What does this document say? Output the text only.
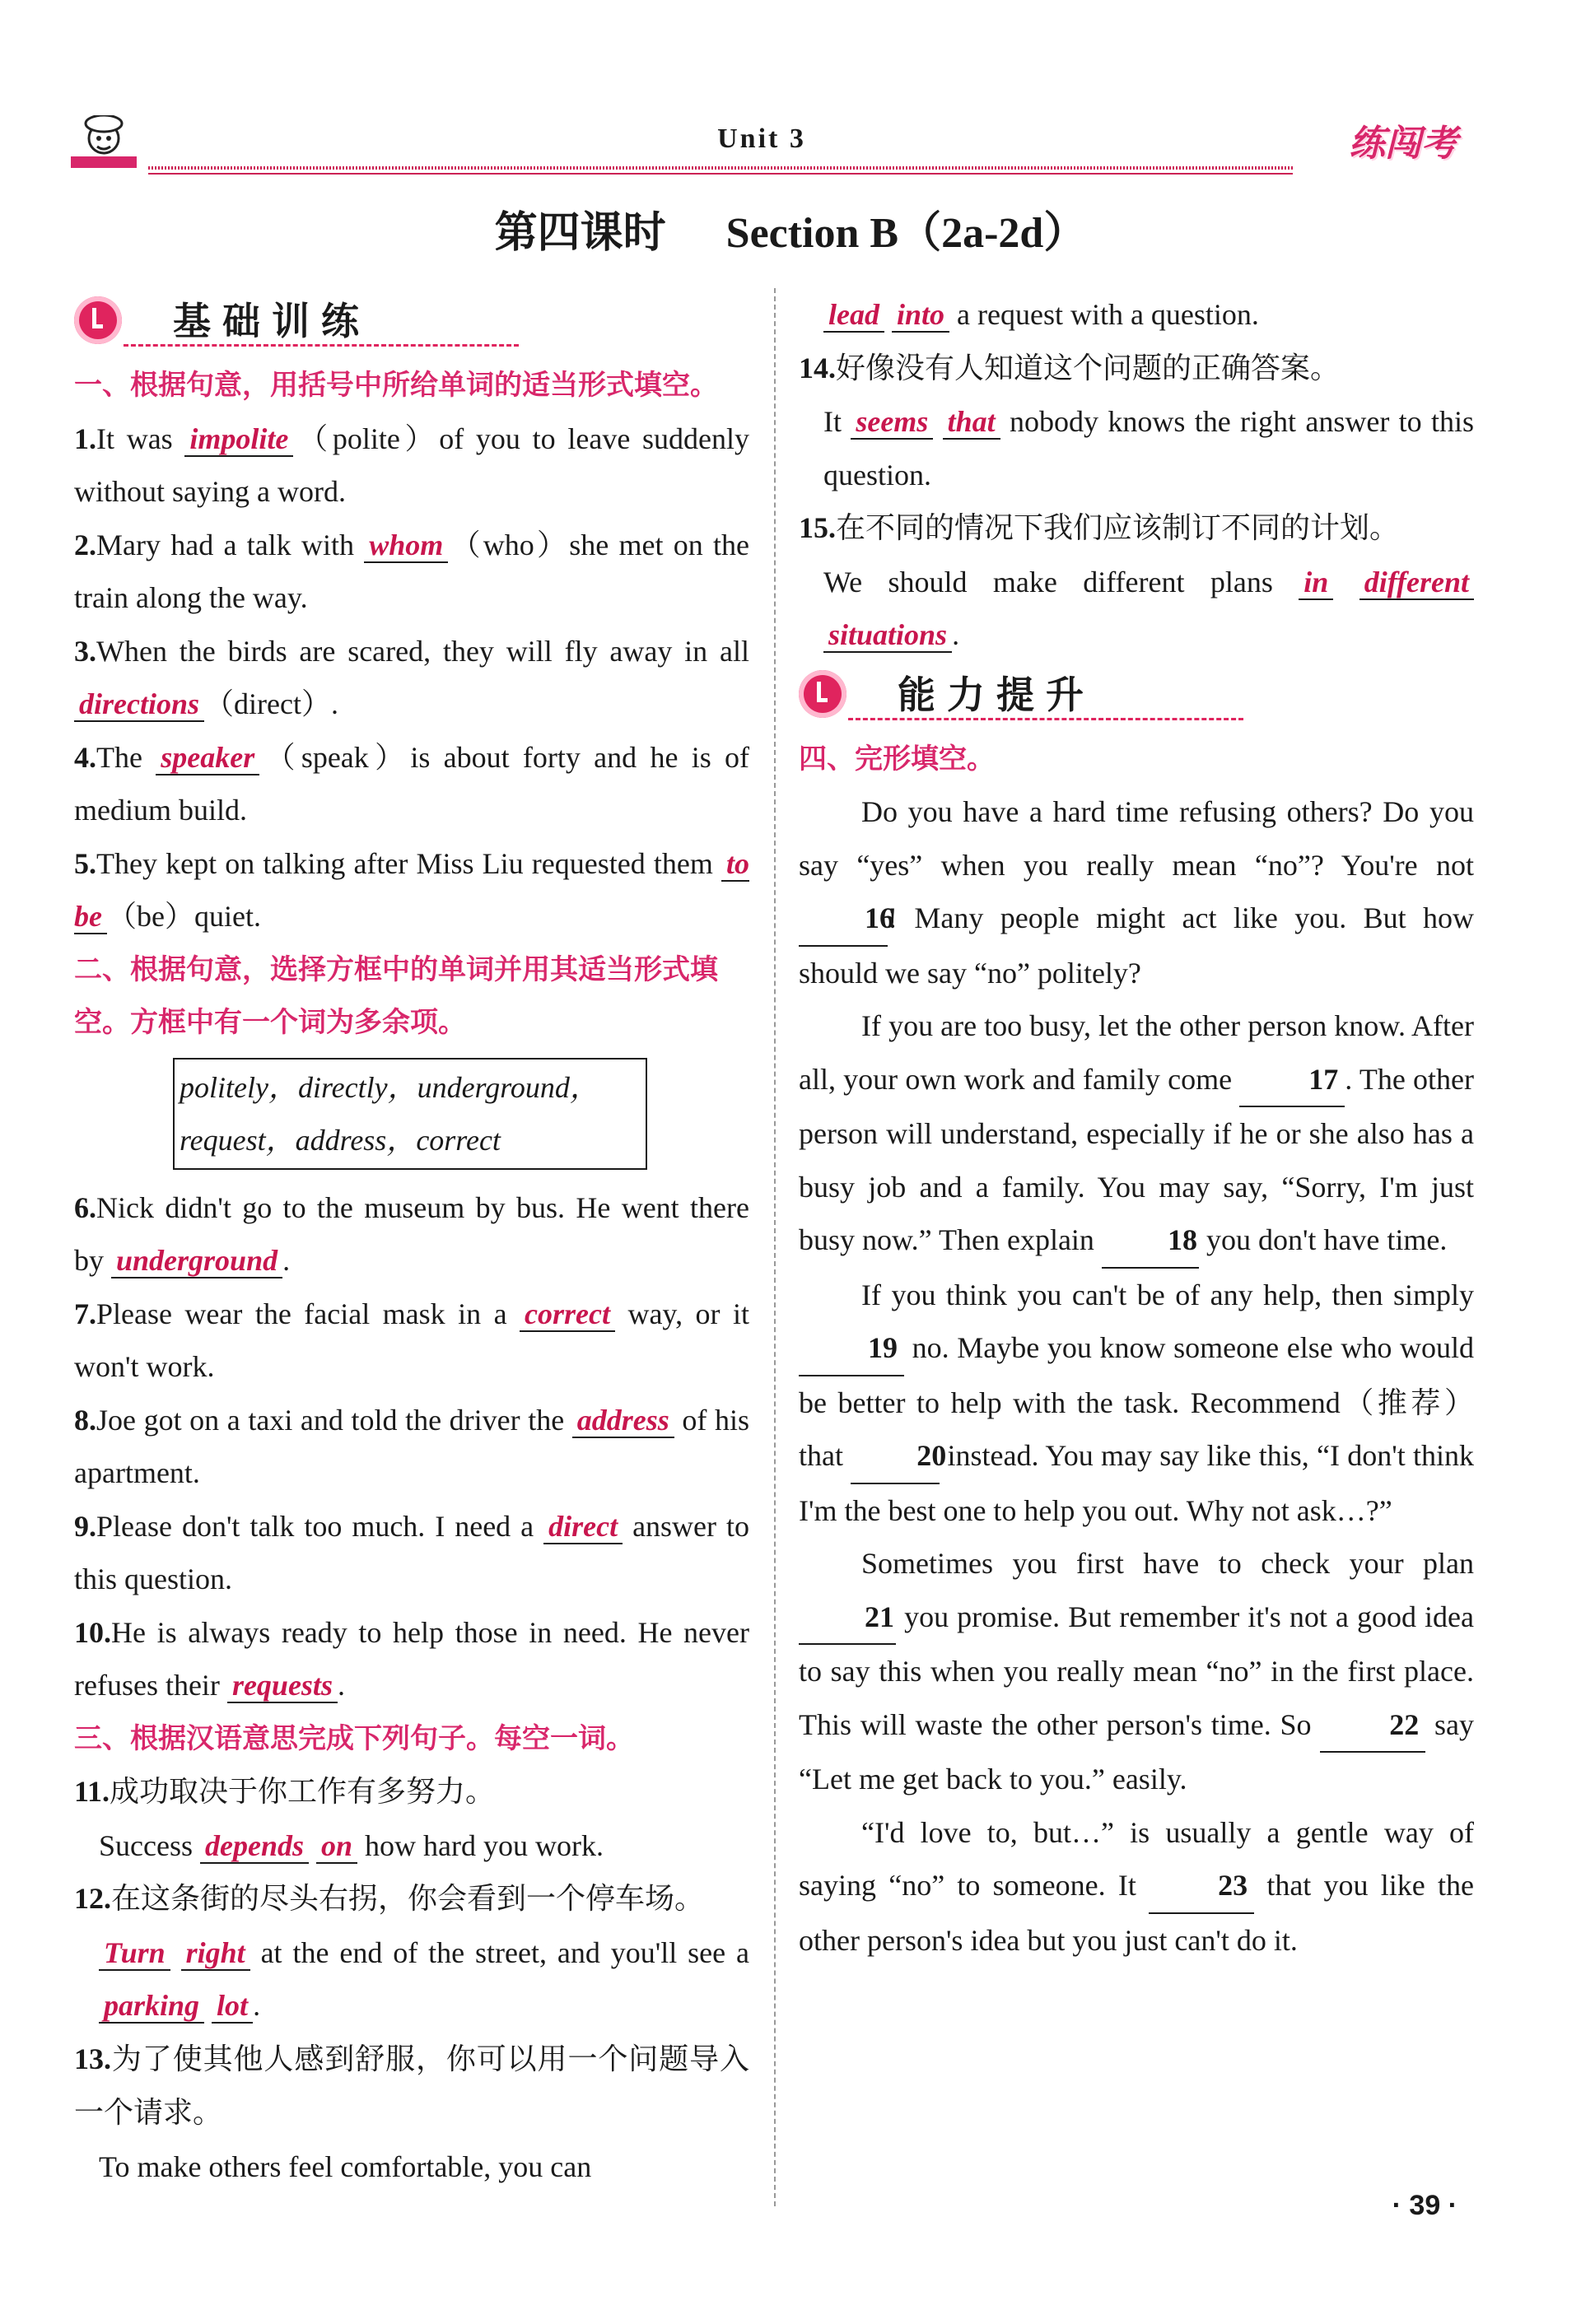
Unit 3	练闯考
第四课时 Section B（2a-2d）
基础训练
一、根据句意，用括号中所给单词的适当形式填空。
1.It was impolite （polite）of you to leave suddenly without saying a word.
2.Mary had a talk with whom （who）she met on the train along the way.
3.When the birds are scared, they will fly away in all directions （direct）.
4.The speaker （speak）is about forty and he is of medium build.
5.They kept on talking after Miss Liu requested them to be （be）quiet.
二、根据句意，选择方框中的单词并用其适当形式填空。方框中有一个词为多余项。
politely，directly，underground，
request，address，correct
6.Nick didn't go to the museum by bus. He went there by underground .
7.Please wear the facial mask in a correct way, or it won't work.
8.Joe got on a taxi and told the driver the address of his apartment.
9.Please don't talk too much. I need a direct answer to this question.
10.He is always ready to help those in need. He never refuses their requests .
三、根据汉语意思完成下列句子。每空一词。
11.成功取决于你工作有多努力。
Success depends on how hard you work.
12.在这条街的尽头右拐，你会看到一个停车场。
Turn right at the end of the street, and you'll see a parking lot .
13.为了使其他人感到舒服，你可以用一个问题导入一个请求。
To make others feel comfortable, you can
lead into a request with a question.
14.好像没有人知道这个问题的正确答案。
It seems that nobody knows the right answer to this question.
15.在不同的情况下我们应该制订不同的计划。
We should make different plans in different situations .
能力提升
四、完形填空。
Do you have a hard time refusing others? Do you say “yes” when you really mean “no”? You're not 16! Many people might act like you. But how should we say “no” politely?
If you are too busy, let the other person know. After all, your own work and family come 17 . The other person will understand, especially if he or she also has a busy job and a family. You may say, “Sorry, I'm just busy now.” Then explain 18 you don't have time.
If you think you can't be of any help, then simply 19 no. Maybe you know someone else who would be better to help with the task. Recommend（推荐）that 20 instead. You may say like this, “I don't think I'm the best one to help you out. Why not ask…?”
Sometimes you first have to check your plan 21 you promise. But remember it's not a good idea to say this when you really mean “no” in the first place. This will waste the other person's time. So 22 say “Let me get back to you.” easily.
“I'd love to, but…” is usually a gentle way of saying “no” to someone. It 23 that you like the other person's idea but you just can't do it.
· 39 ·
